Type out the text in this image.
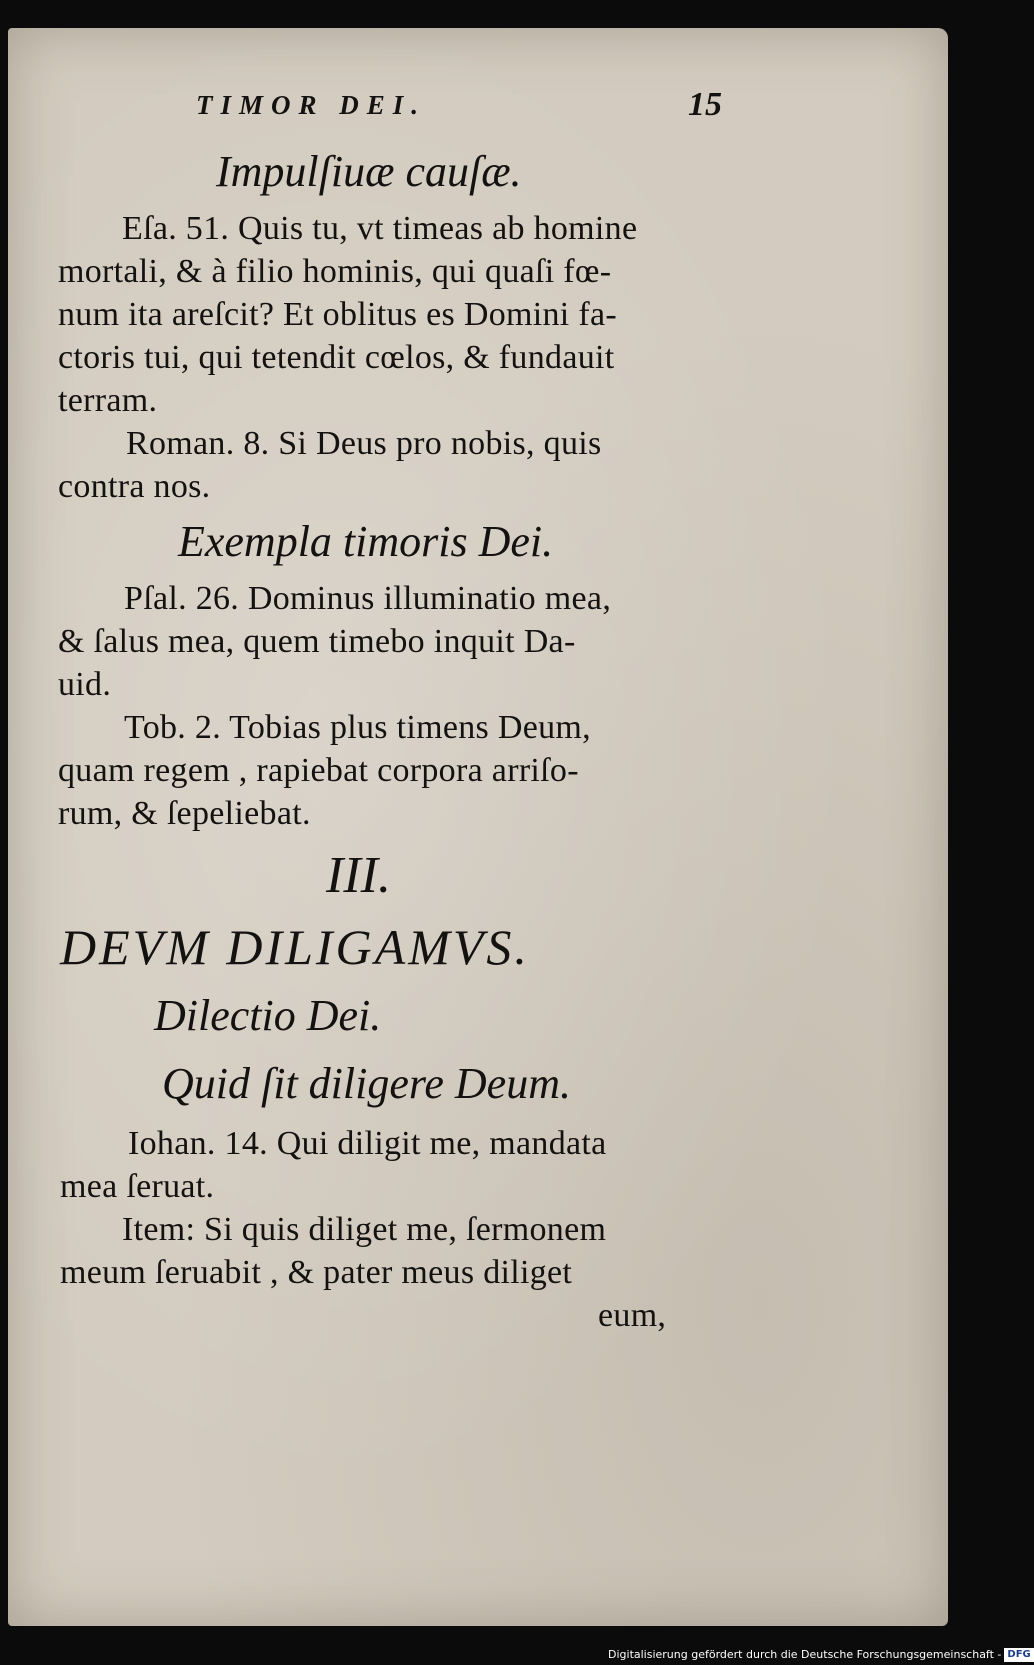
TIMOR DEI.	15
Impulſiuæ cauſæ.
Eſa. 51. Quis tu, vt timeas ab homine
mortali, & à filio hominis, qui quaſi fœ-
num ita areſcit? Et oblitus es Domini fa-
ctoris tui, qui tetendit cœlos, & fundauit
terram.
Roman. 8. Si Deus pro nobis, quis
contra nos.
Exempla timoris Dei.
Pſal. 26. Dominus illuminatio mea,
& ſalus mea, quem timebo inquit Da-
uid.
Tob. 2. Tobias plus timens Deum,
quam regem , rapiebat corpora arriſo-
rum, & ſepeliebat.
III.
DEVM DILIGAMVS.
Dilectio Dei.
Quid ſit diligere Deum.
Iohan. 14. Qui diligit me, mandata
mea ſeruat.
Item: Si quis diliget me, ſermonem
meum ſeruabit , & pater meus diliget
eum,
Digitalisierung gefördert durch die Deutsche Forschungsgemeinschaft - DFG
